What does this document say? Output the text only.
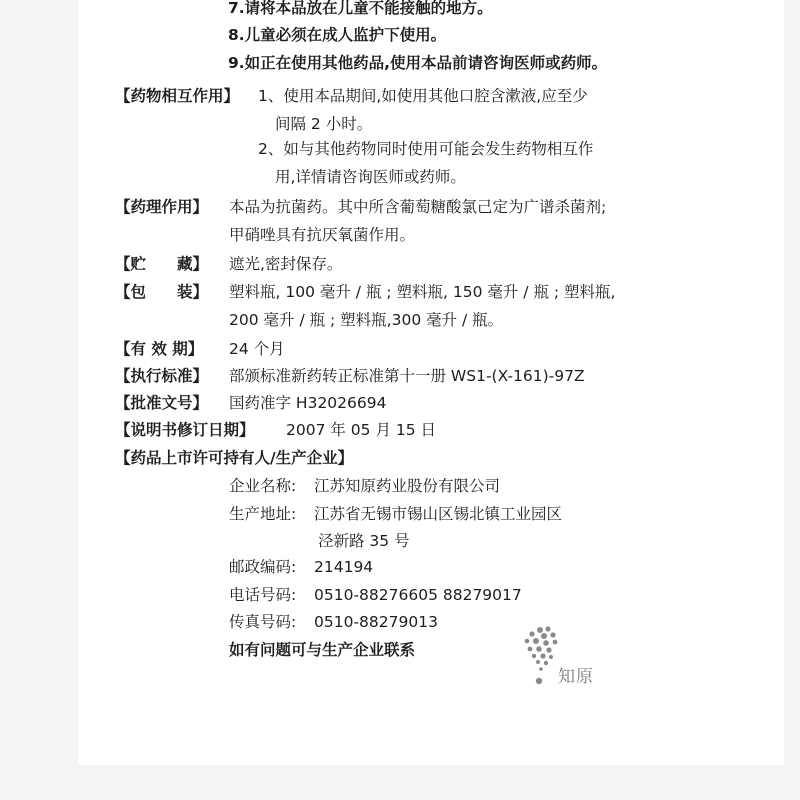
7.请将本品放在儿童不能接触的地方。
8.儿童必须在成人监护下使用。
9.如正在使用其他药品,使用本品前请咨询医师或药师。
【药物相互作用】 1、使用本品期间,如使用其他口腔含漱液,应至少
间隔 2 小时。
2、如与其他药物同时使用可能会发生药物相互作
用,详情请咨询医师或药师。
【药理作用】 本品为抗菌药。其中所含葡萄糖酸氯己定为广谱杀菌剂;
甲硝唑具有抗厌氧菌作用。
【贮　　藏】 遮光,密封保存。
【包　　装】 塑料瓶, 100 毫升 / 瓶 ; 塑料瓶, 150 毫升 / 瓶 ; 塑料瓶,
200 毫升 / 瓶 ; 塑料瓶,300 毫升 / 瓶。
【有 效 期】 24 个月
【执行标准】 部颁标准新药转正标准第十一册 WS1-(X-161)-97Z
【批准文号】 国药准字 H32026694
【说明书修订日期】 2007 年 05 月 15 日
【药品上市许可持有人/生产企业】
企业名称: 江苏知原药业股份有限公司
生产地址: 江苏省无锡市锡山区锡北镇工业园区
泾新路 35 号
邮政编码: 214194
电话号码: 0510-88276605 88279017
传真号码: 0510-88279013
如有问题可与生产企业联系
知原
